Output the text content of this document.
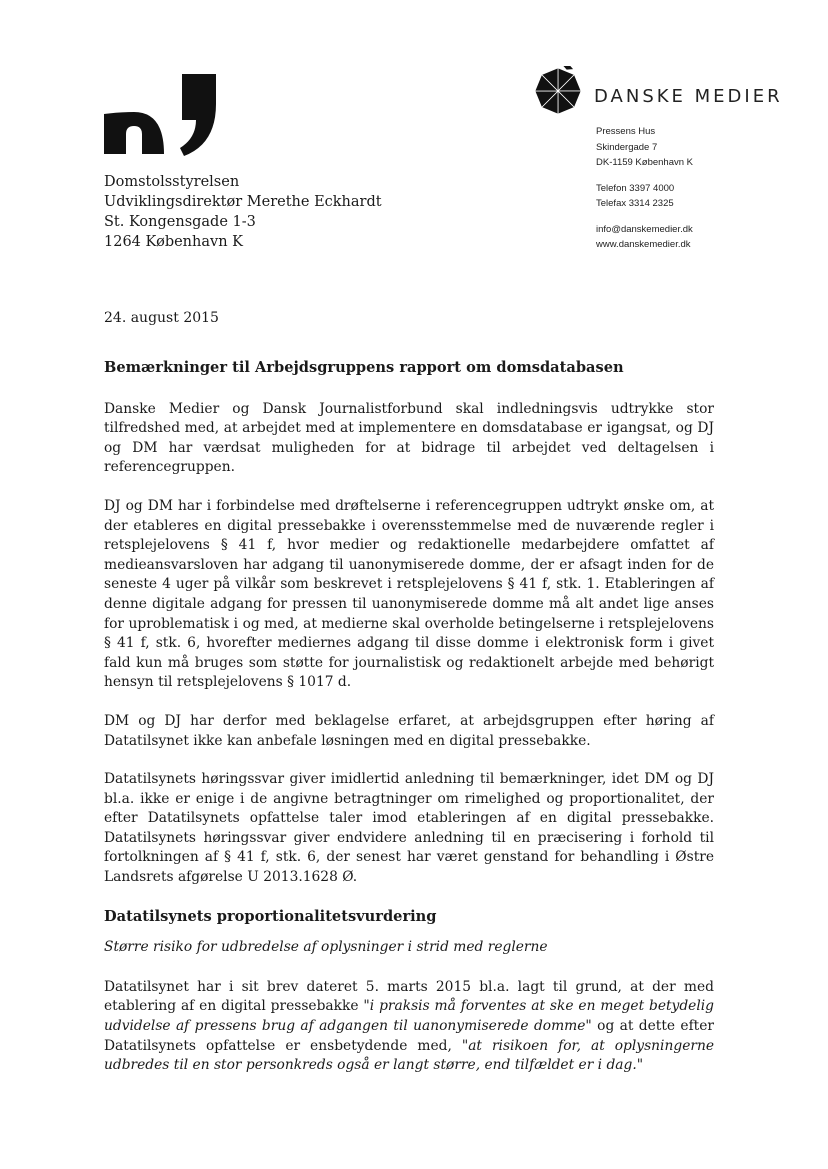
DANSKE MEDIER
Pressens Hus
Skindergade 7
DK-1159 København K
Telefon 3397 4000
Telefax 3314 2325
info@danskemedier.dk
www.danskemedier.dk
Domstolsstyrelsen
Udviklingsdirektør Merethe Eckhardt
St. Kongensgade 1-3
1264 København K
24. august 2015
Bemærkninger til Arbejdsgruppens rapport om domsdatabasen

Danske Medier og Dansk Journalistforbund skal indledningsvis udtrykke stor tilfredshed med, at arbejdet med at implementere en domsdatabase er igangsat, og DJ og DM har værdsat muligheden for at bidrage til arbejdet ved deltagelsen i referencegruppen.

DJ og DM har i forbindelse med drøftelserne i referencegruppen udtrykt ønske om, at der etableres en digital pressebakke i overensstemmelse med de nuværende regler i retsplejelovens § 41 f, hvor medier og redaktionelle medarbejdere omfattet af medieansvarsloven har adgang til uanonymiserede domme, der er afsagt inden for de seneste 4 uger på vilkår som beskrevet i retsplejelovens § 41 f, stk. 1. Etableringen af denne digitale adgang for pressen til uanonymiserede domme må alt andet lige anses for uproblematisk i og med, at medierne skal overholde betingelserne i retsplejelovens § 41 f, stk. 6, hvorefter mediernes adgang til disse domme i elektronisk form i givet fald kun må bruges som støtte for journalistisk og redaktionelt arbejde med behørigt hensyn til retsplejelovens § 1017 d.

DM og DJ har derfor med beklagelse erfaret, at arbejdsgruppen efter høring af Datatilsynet ikke kan anbefale løsningen med en digital pressebakke.

Datatilsynets høringssvar giver imidlertid anledning til bemærkninger, idet DM og DJ bl.a. ikke er enige i de angivne betragtninger om rimelighed og proportionalitet, der efter Datatilsynets opfattelse taler imod etableringen af en digital pressebakke. Datatilsynets høringssvar giver endvidere anledning til en præcisering i forhold til fortolkningen af § 41 f, stk. 6, der senest har været genstand for behandling i Østre Landsrets afgørelse U 2013.1628 Ø.

Datatilsynets proportionalitetsvurdering

Større risiko for udbredelse af oplysninger i strid med reglerne

Datatilsynet har i sit brev dateret 5. marts 2015 bl.a. lagt til grund, at der med etablering af en digital pressebakke "i praksis må forventes at ske en meget betydelig udvidelse af pressens brug af adgangen til uanonymiserede domme" og at dette efter Datatilsynets opfattelse er ensbetydende med, "at risikoen for, at oplysningerne udbredes til en stor personkreds også er langt større, end tilfældet er i dag."
